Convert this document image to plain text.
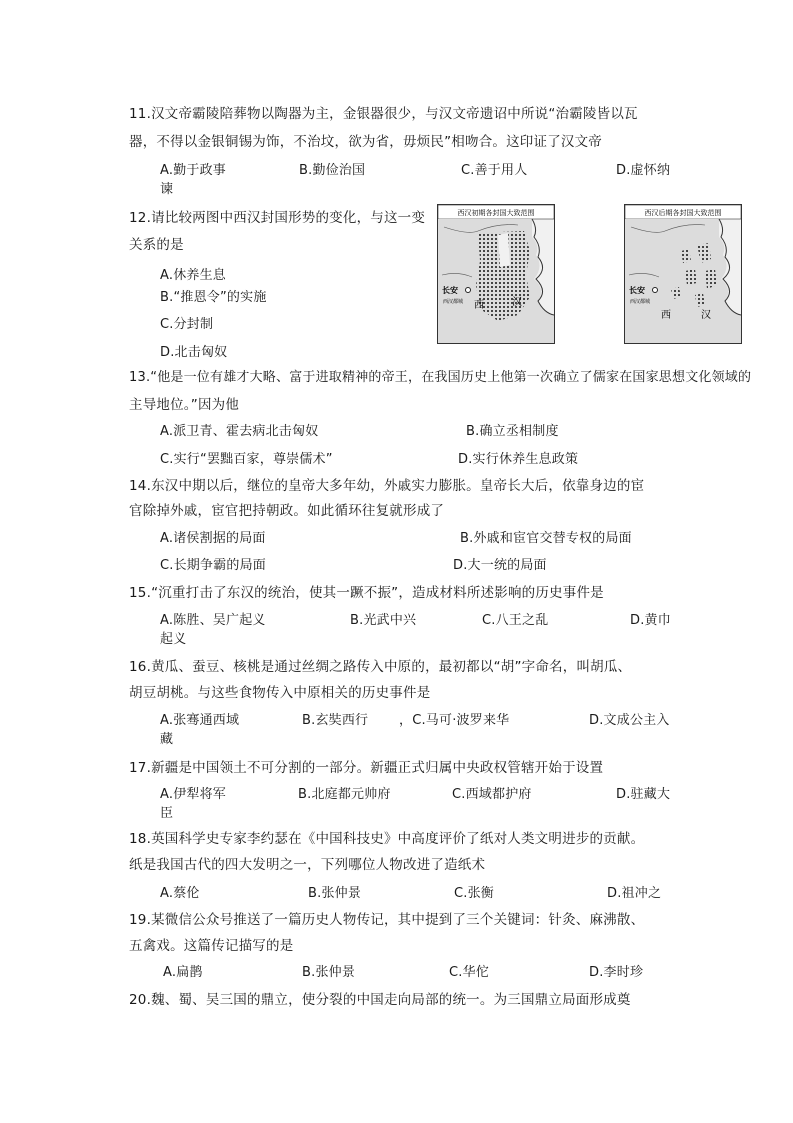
11.汉文帝霸陵陪葬物以陶器为主，金银器很少，与汉文帝遗诏中所说“治霸陵皆以瓦
器，不得以金银铜锡为饰，不治坟，欲为省，毋烦民”相吻合。这印证了汉文帝
A.勤于政事	B.勤俭治国	C.善于用人	D.虚怀纳
谏
12.请比较两图中西汉封国形势的变化，与这一变
关系的是
A.休养生息
B.“推恩令”的实施
C.分封制
D.北击匈奴
西汉初期各封国大致范围
长安
西汉都城 西	汉
西汉后期各封国大致范围
长安
西汉都城
西	汉
13.“他是一位有雄才大略、富于进取精神的帝王，在我国历史上他第一次确立了儒家在国家思想文化领域的
主导地位。”因为他
A.派卫青、霍去病北击匈奴	B.确立丞相制度
C.实行“罢黜百家，尊崇儒术”	D.实行休养生息政策
14.东汉中期以后，继位的皇帝大多年幼，外戚实力膨胀。皇帝长大后，依靠身边的宦
官除掉外戚，宦官把持朝政。如此循环往复就形成了
A.诸侯割据的局面	B.外戚和宦官交替专权的局面
C.长期争霸的局面	D.大一统的局面
15.“沉重打击了东汉的统治，使其一蹶不振”，造成材料所述影响的历史事件是
A.陈胜、吴广起义	B.光武中兴	C.八王之乱	D.黄巾
起义
16.黄瓜、蚕豆、核桃是通过丝绸之路传入中原的，最初都以“胡”字命名，叫胡瓜、
胡豆胡桃。与这些食物传入中原相关的历史事件是
A.张骞通西域	B.玄奘西行 ，C.马可·波罗来华	D.文成公主入
藏
17.新疆是中国领土不可分割的一部分。新疆正式归属中央政权管辖开始于设置
A.伊犁将军	B.北庭都元帅府	C.西域都护府	D.驻藏大
臣
18.英国科学史专家李约瑟在《中国科技史》中高度评价了纸对人类文明进步的贡献。
纸是我国古代的四大发明之一，下列哪位人物改进了造纸术
A.蔡伦	B.张仲景	C.张衡	D.祖冲之
19.某微信公众号推送了一篇历史人物传记，其中提到了三个关键词：针灸、麻沸散、
五禽戏。这篇传记描写的是
A.扁鹊	B.张仲景	C.华佗	D.李时珍
20.魏、蜀、吴三国的鼎立，使分裂的中国走向局部的统一。为三国鼎立局面形成奠
